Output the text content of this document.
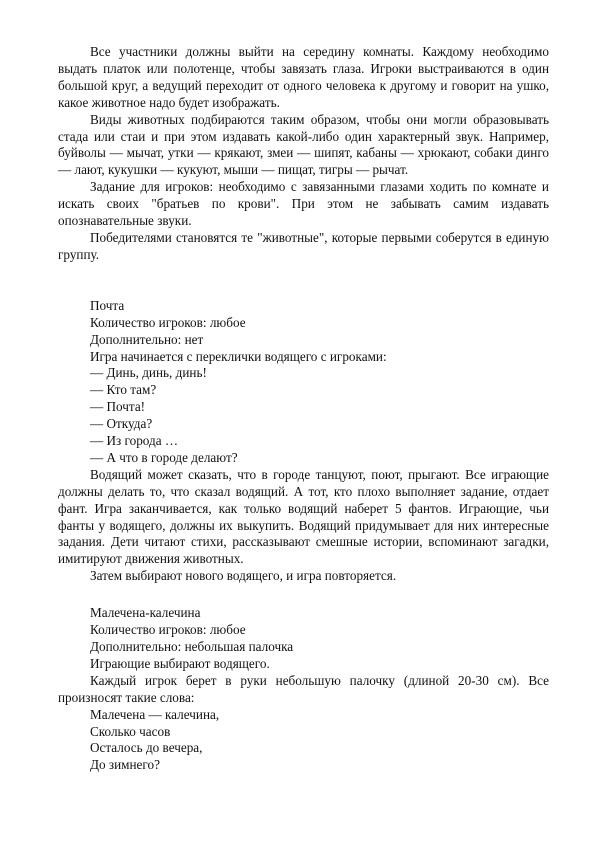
Все участники должны выйти на середину комнаты. Каждому необходимо выдать платок или полотенце, чтобы завязать глаза. Игроки выстраиваются в один большой круг, а ведущий переходит от одного человека к другому и говорит на ушко, какое животное надо будет изображать.

Виды животных подбираются таким образом, чтобы они могли образовывать стада или стаи и при этом издавать какой-либо один характерный звук. Например, буйволы — мычат, утки — крякают, змеи — шипят, кабаны — хрюкают, собаки динго — лают, кукушки — кукуют, мыши — пищат, тигры — рычат.

Задание для игроков: необходимо с завязанными глазами ходить по комнате и искать своих "братьев по крови". При этом не забывать самим издавать опознавательные звуки.

Победителями становятся те "животные", которые первыми соберутся в единую группу.

Почта

Количество игроков: любое

Дополнительно: нет

Игра начинается с переклички водящего с игроками:

— Динь, динь, динь!

— Кто там?

— Почта!

— Откуда?

— Из города …

— А что в городе делают?

Водящий может сказать, что в городе танцуют, поют, прыгают. Все играющие должны делать то, что сказал водящий. А тот, кто плохо выполняет задание, отдает фант. Игра заканчивается, как только водящий наберет 5 фантов. Играющие, чьи фанты у водящего, должны их выкупить. Водящий придумывает для них интересные задания. Дети читают стихи, рассказывают смешные истории, вспоминают загадки, имитируют движения животных.

Затем выбирают нового водящего, и игра повторяется.

Малечена-калечина

Количество игроков: любое

Дополнительно: небольшая палочка

Играющие выбирают водящего.

Каждый игрок берет в руки небольшую палочку (длиной 20-30 см). Все произносят такие слова:

Малечена — калечина,

Сколько часов

Осталось до вечера,

До зимнего?
